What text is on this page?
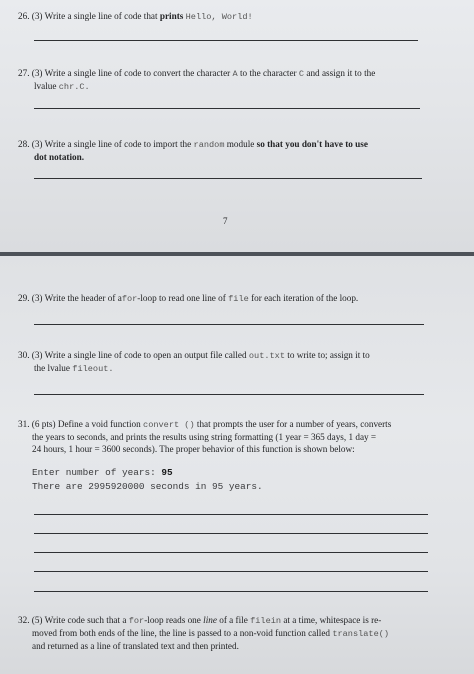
26. (3) Write a single line of code that prints Hello, World!
27. (3) Write a single line of code to convert the character A to the character C and assign it to the
lvalue chr.C.
28. (3) Write a single line of code to import the random module so that you don't have to use
dot notation.
7
29. (3) Write the header of afor-loop to read one line of file for each iteration of the loop.
30. (3) Write a single line of code to open an output file called out.txt to write to; assign it to
the lvalue fileout.
31. (6 pts) Define a void function convert () that prompts the user for a number of years, converts
the years to seconds, and prints the results using string formatting (1 year = 365 days, 1 day =
24 hours, 1 hour = 3600 seconds). The proper behavior of this function is shown below:
Enter number of years: 95
There are 2995920000 seconds in 95 years.
32. (5) Write code such that a for-loop reads one line of a file filein at a time, whitespace is re-
moved from both ends of the line, the line is passed to a non-void function called translate()
and returned as a line of translated text and then printed.
